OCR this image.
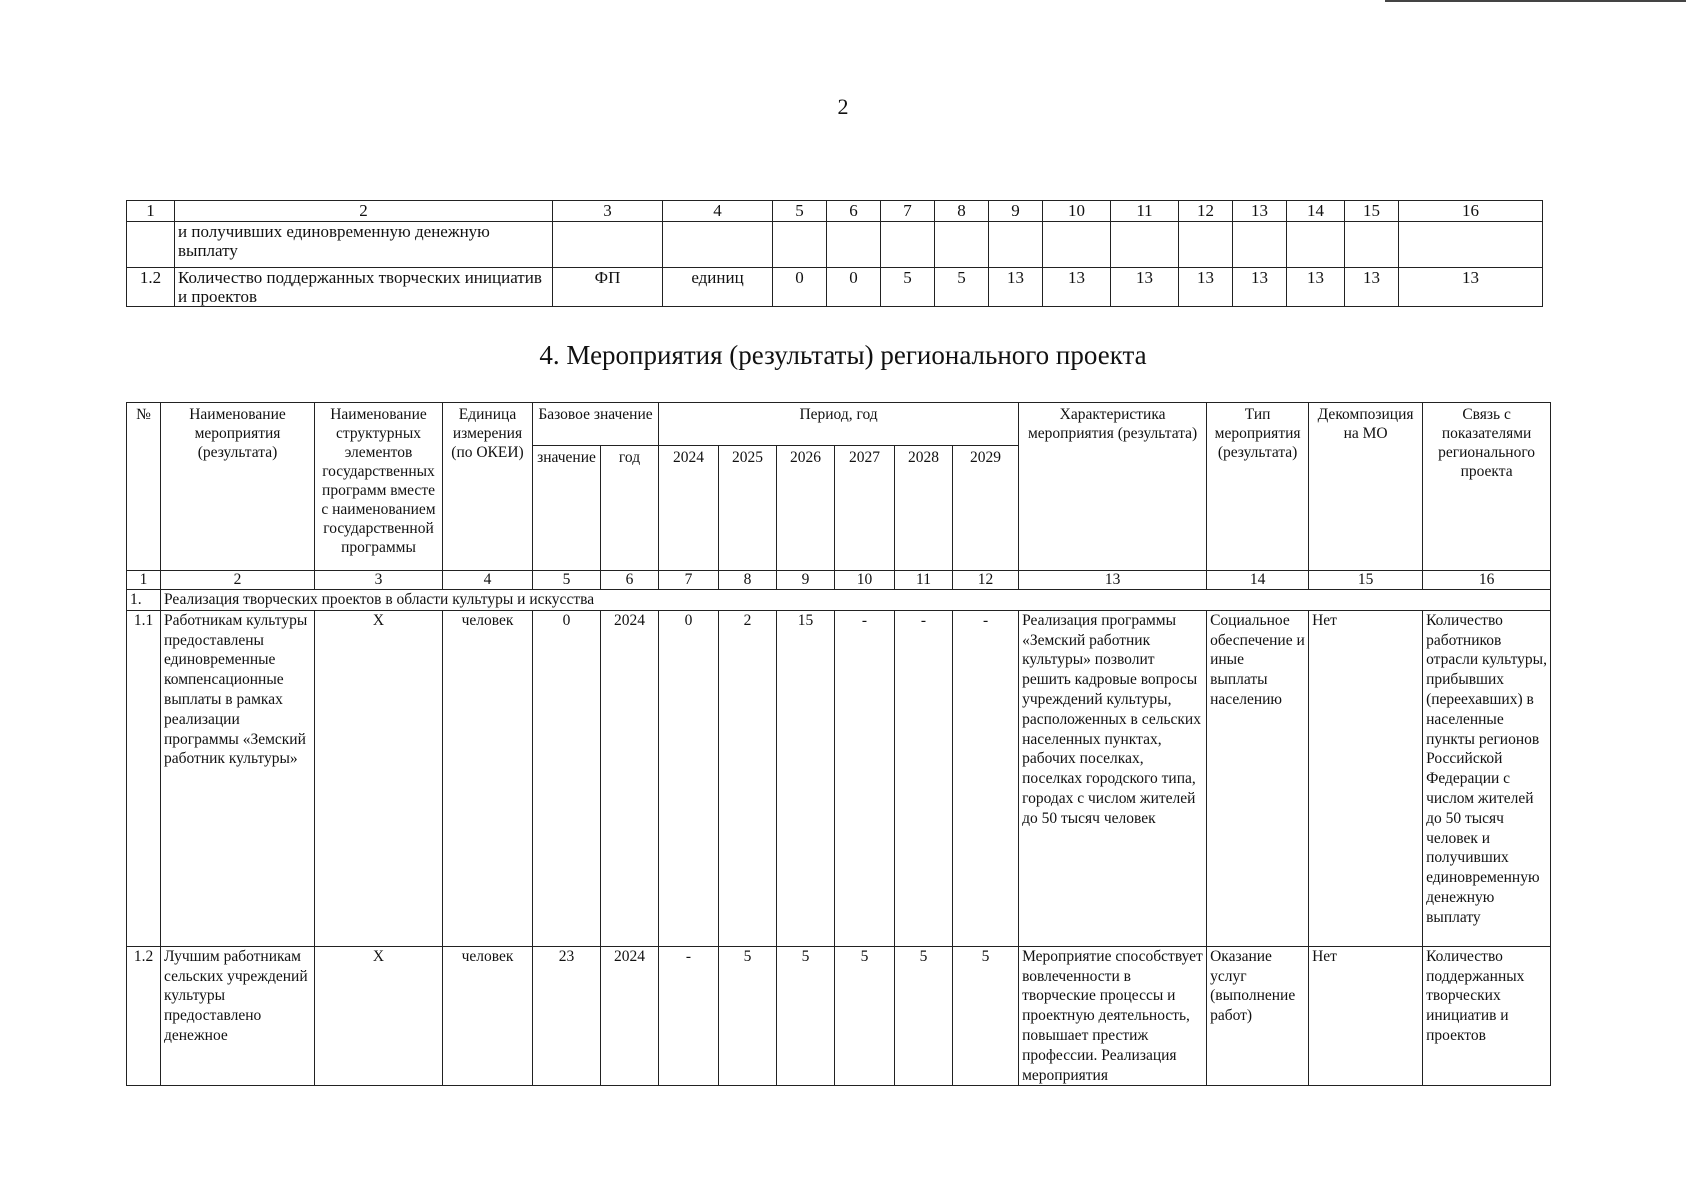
2
1	2	3	4	5	6	7	8	9	10	11	12	13	14	15	16
	и получивших единовременную денежную выплату														
1.2	Количество поддержанных творческих инициатив и проектов	ФП	единиц	0	0	5	5	13	13	13	13	13	13	13	13
4. Мероприятия (результаты) регионального проекта
№	Наименование мероприятия (результата)	Наименование структурных элементов государственных программ вместе с наименованием государственной программы	Единица измерения (по ОКЕИ)	Базовое значение		Период, год						Характеристика мероприятия (результата)	Тип мероприятия (результата)	Декомпозиция на МО	Связь с показателями регионального проекта
				значение	год	2024	2025	2026	2027	2028	2029				

1	2	3	4	5	6	7	8	9	10	11	12	13	14	15	16
1.	Реализация творческих проектов в области культуры и искусства														
1.1	Работникам культуры предоставлены единовременные компенсационные выплаты в рамках реализации программы «Земский работник культуры»	Х	человек	0	2024	0	2	15	-	-	-	Реализация программы «Земский работник культуры» позволит решить кадровые вопросы учреждений культуры, расположенных в сельских населенных пунктах, рабочих поселках, поселках городского типа, городах с числом жителей до 50 тысяч человек	Социальное обеспечение и иные выплаты населению	Нет	Количество работников отрасли культуры, прибывших (переехавших) в населенные пункты регионов Российской Федерации с числом жителей до 50 тысяч человек и получивших единовременную денежную выплату
1.2	Лучшим работникам сельских учреждений культуры предоставлено денежное	Х	человек	23	2024	-	5	5	5	5	5	Мероприятие способствует вовлеченности в творческие процессы и проектную деятельность, повышает престиж профессии. Реализация мероприятия	Оказание услуг (выполнение работ)	Нет	Количество поддержанных творческих инициатив и проектов
